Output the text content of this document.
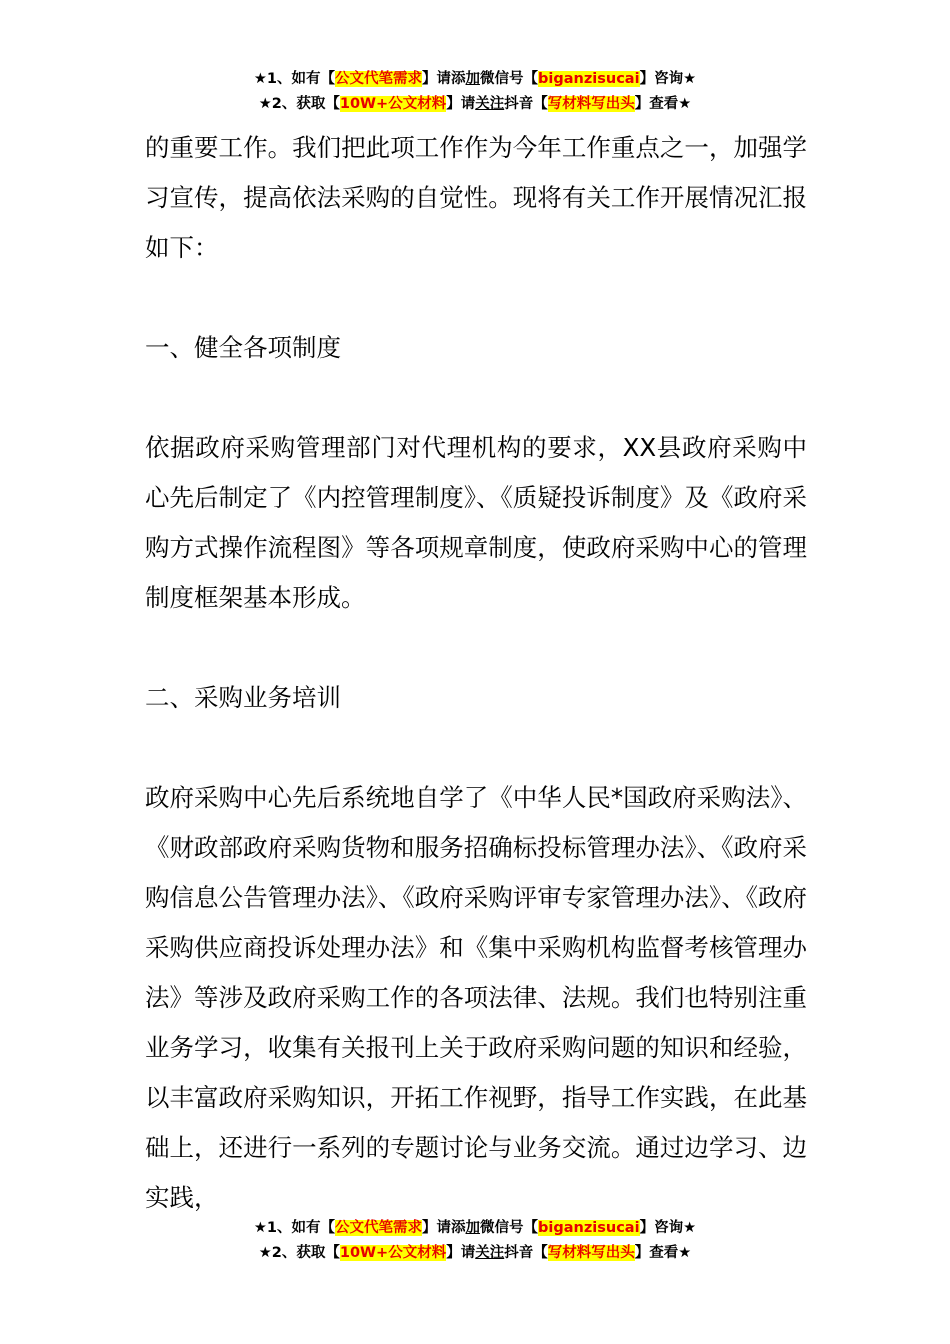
★1、如有【公文代笔需求】请添加微信号【biganzisucai】咨询★
★2、获取【10W+公文材料】请关注抖音【写材料写出头】查看★

的重要工作。我们把此项工作作为今年工作重点之一，加强学习宣传，提高依法采购的自觉性。现将有关工作开展情况汇报如下：

一、健全各项制度

依据政府采购管理部门对代理机构的要求，XX县政府采购中心先后制定了《内控管理制度》、《质疑投诉制度》及《政府采购方式操作流程图》等各项规章制度，使政府采购中心的管理制度框架基本形成。

二、采购业务培训

政府采购中心先后系统地自学了《中华人民*国政府采购法》、《财政部政府采购货物和服务招确标投标管理办法》、《政府采购信息公告管理办法》、《政府采购评审专家管理办法》、《政府采购供应商投诉处理办法》和《集中采购机构监督考核管理办法》等涉及政府采购工作的各项法律、法规。我们也特别注重业务学习，收集有关报刊上关于政府采购问题的知识和经验，以丰富政府采购知识，开拓工作视野，指导工作实践，在此基础上，还进行一系列的专题讨论与业务交流。通过边学习、边实践，

★1、如有【公文代笔需求】请添加微信号【biganzisucai】咨询★
★2、获取【10W+公文材料】请关注抖音【写材料写出头】查看★
